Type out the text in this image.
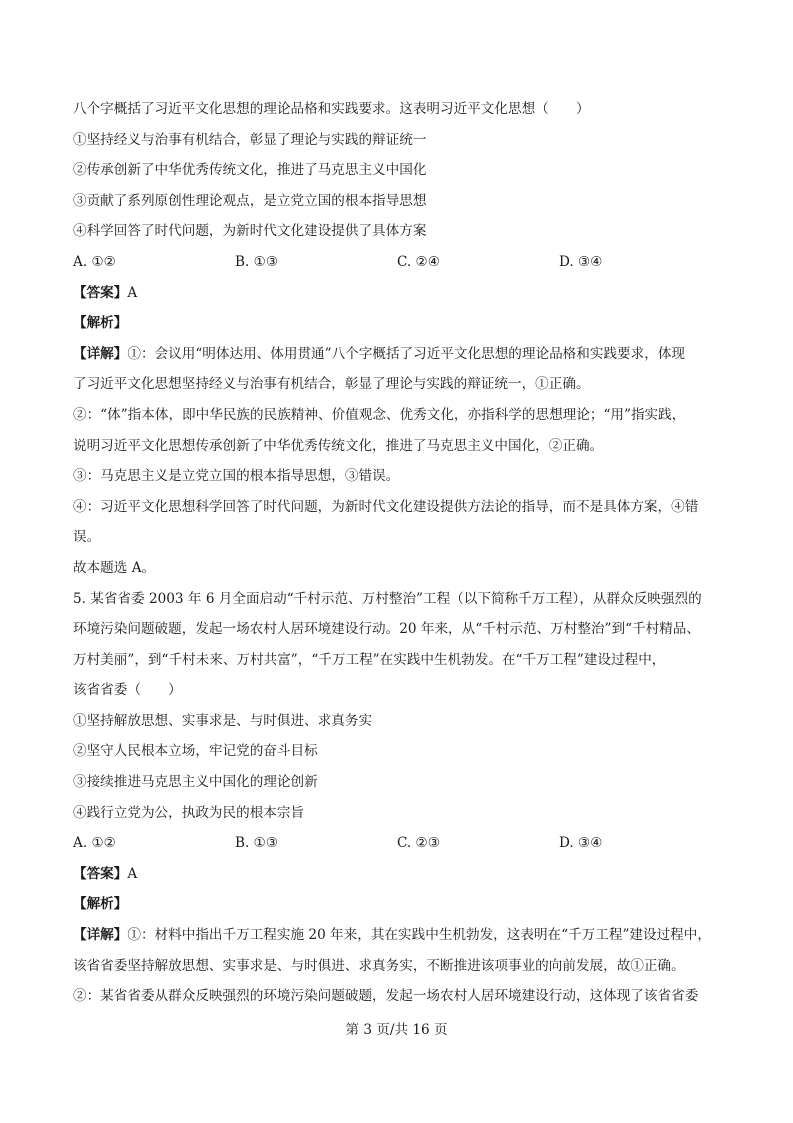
八个字概括了习近平文化思想的理论品格和实践要求。这表明习近平文化思想（　　）
①坚持经义与治事有机结合，彰显了理论与实践的辩证统一
②传承创新了中华优秀传统文化，推进了马克思主义中国化
③贡献了系列原创性理论观点，是立党立国的根本指导思想
④科学回答了时代问题，为新时代文化建设提供了具体方案
A. ①②	B. ①③	C. ②④	D. ③④
【答案】A
【解析】
【详解】①：会议用“明体达用、体用贯通”八个字概括了习近平文化思想的理论品格和实践要求，体现
了习近平文化思想坚持经义与治事有机结合，彰显了理论与实践的辩证统一，①正确。
②：“体”指本体，即中华民族的民族精神、价值观念、优秀文化，亦指科学的思想理论；“用”指实践，
说明习近平文化思想传承创新了中华优秀传统文化，推进了马克思主义中国化，②正确。
③：马克思主义是立党立国的根本指导思想，③错误。
④：习近平文化思想科学回答了时代问题，为新时代文化建设提供方法论的指导，而不是具体方案，④错
误。
故本题选 A。
5. 某省省委 2003 年 6 月全面启动“千村示范、万村整治”工程（以下简称千万工程），从群众反映强烈的
环境污染问题破题，发起一场农村人居环境建设行动。20 年来，从“千村示范、万村整治”到“千村精品、
万村美丽”，到“千村未来、万村共富”，“千万工程”在实践中生机勃发。在“千万工程”建设过程中，
该省省委（　　）
①坚持解放思想、实事求是、与时俱进、求真务实
②坚守人民根本立场，牢记党的奋斗目标
③接续推进马克思主义中国化的理论创新
④践行立党为公，执政为民的根本宗旨
A. ①②	B. ①③	C. ②③	D. ③④
【答案】A
【解析】
【详解】①：材料中指出千万工程实施 20 年来，其在实践中生机勃发，这表明在“千万工程”建设过程中，
该省省委坚持解放思想、实事求是、与时俱进、求真务实，不断推进该项事业的向前发展，故①正确。
②：某省省委从群众反映强烈的环境污染问题破题，发起一场农村人居环境建设行动，这体现了该省省委
第 3 页/共 16 页
